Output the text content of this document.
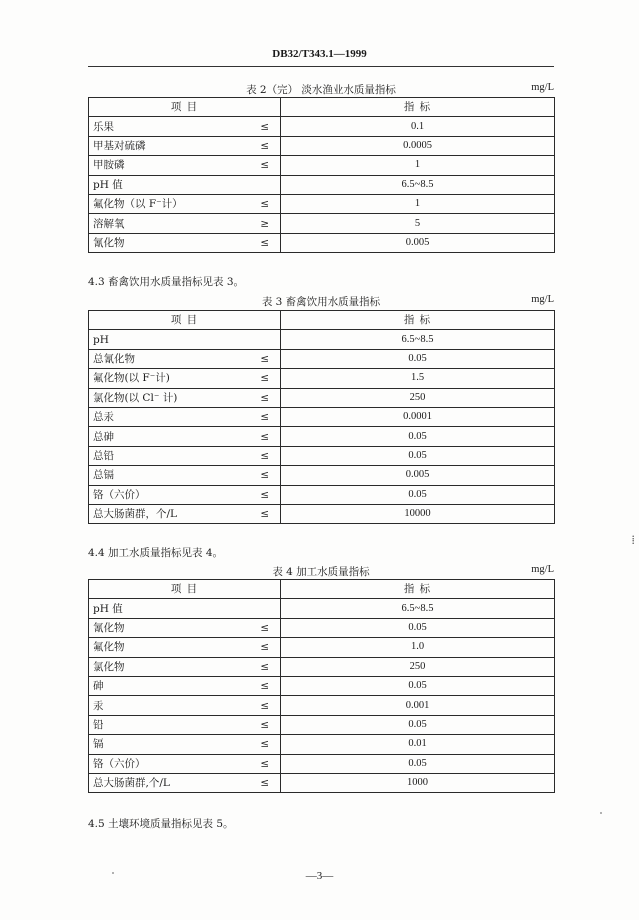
DB32/T343.1—1999
表 2（完） 淡水渔业水质量指标	mg/L
项 目		指 标
乐果	≤	0.1
甲基对硫磷	≤	0.0005
甲胺磷	≤	1
pH 值		6.5~8.5
氟化物（以 F⁻计）	≤	1
溶解氧	≥	5
氰化物	≤	0.005
4.3 畜禽饮用水质量指标见表 3。
表 3 畜禽饮用水质量指标	mg/L
项 目		指 标
pH		6.5~8.5
总氰化物	≤	0.05
氟化物(以 F⁻计)	≤	1.5
氯化物(以 Cl⁻ 计)	≤	250
总汞	≤	0.0001
总砷	≤	0.05
总铅	≤	0.05
总镉	≤	0.005
铬（六价）	≤	0.05
总大肠菌群，个/L	≤	10000
4.4 加工水质量指标见表 4。
表 4 加工水质量指标	mg/L
项 目		指 标
pH 值		6.5~8.5
氰化物	≤	0.05
氟化物	≤	1.0
氯化物	≤	250
砷	≤	0.05
汞	≤	0.001
铅	≤	0.05
镉	≤	0.01
铬（六价）	≤	0.05
总大肠菌群,个/L	≤	1000
4.5 土壤环境质量指标见表 5。
—3—
⁞
